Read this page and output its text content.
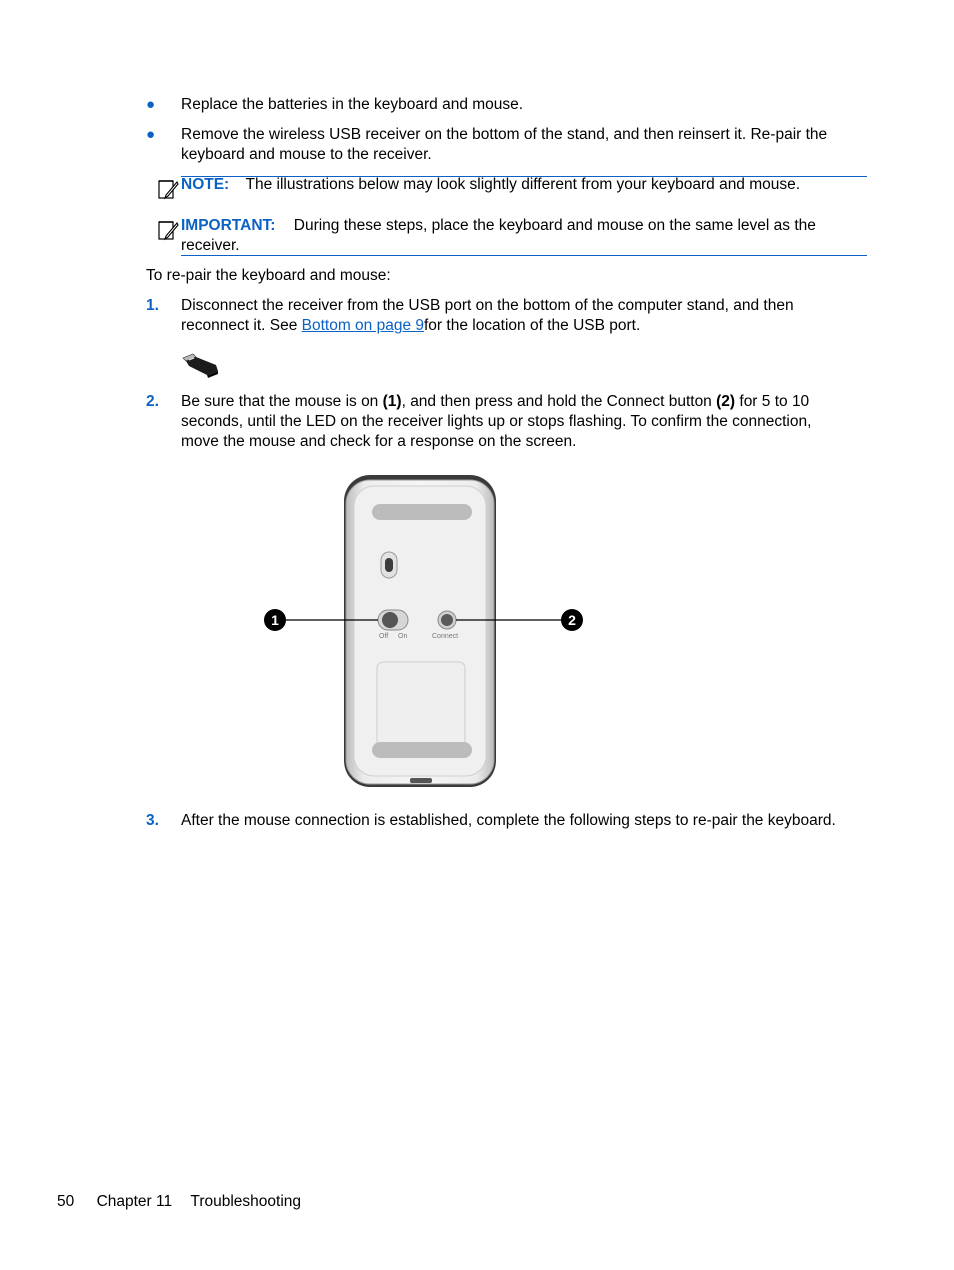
● Replace the batteries in the keyboard and mouse.
● Remove the wireless USB receiver on the bottom of the stand, and then reinsert it. Re-pair the keyboard and mouse to the receiver.
NOTE: The illustrations below may look slightly different from your keyboard and mouse.
IMPORTANT: During these steps, place the keyboard and mouse on the same level as the receiver.
To re-pair the keyboard and mouse:
1. Disconnect the receiver from the USB port on the bottom of the computer stand, and then reconnect it. See Bottom on page 9for the location of the USB port.
2. Be sure that the mouse is on (1), and then press and hold the Connect button (2) for 5 to 10 seconds, until the LED on the receiver lights up or stops flashing. To confirm the connection, move the mouse and check for a response on the screen.
1	2
Off On	Connect
3. After the mouse connection is established, complete the following steps to re-pair the keyboard.
50 Chapter 11 Troubleshooting
